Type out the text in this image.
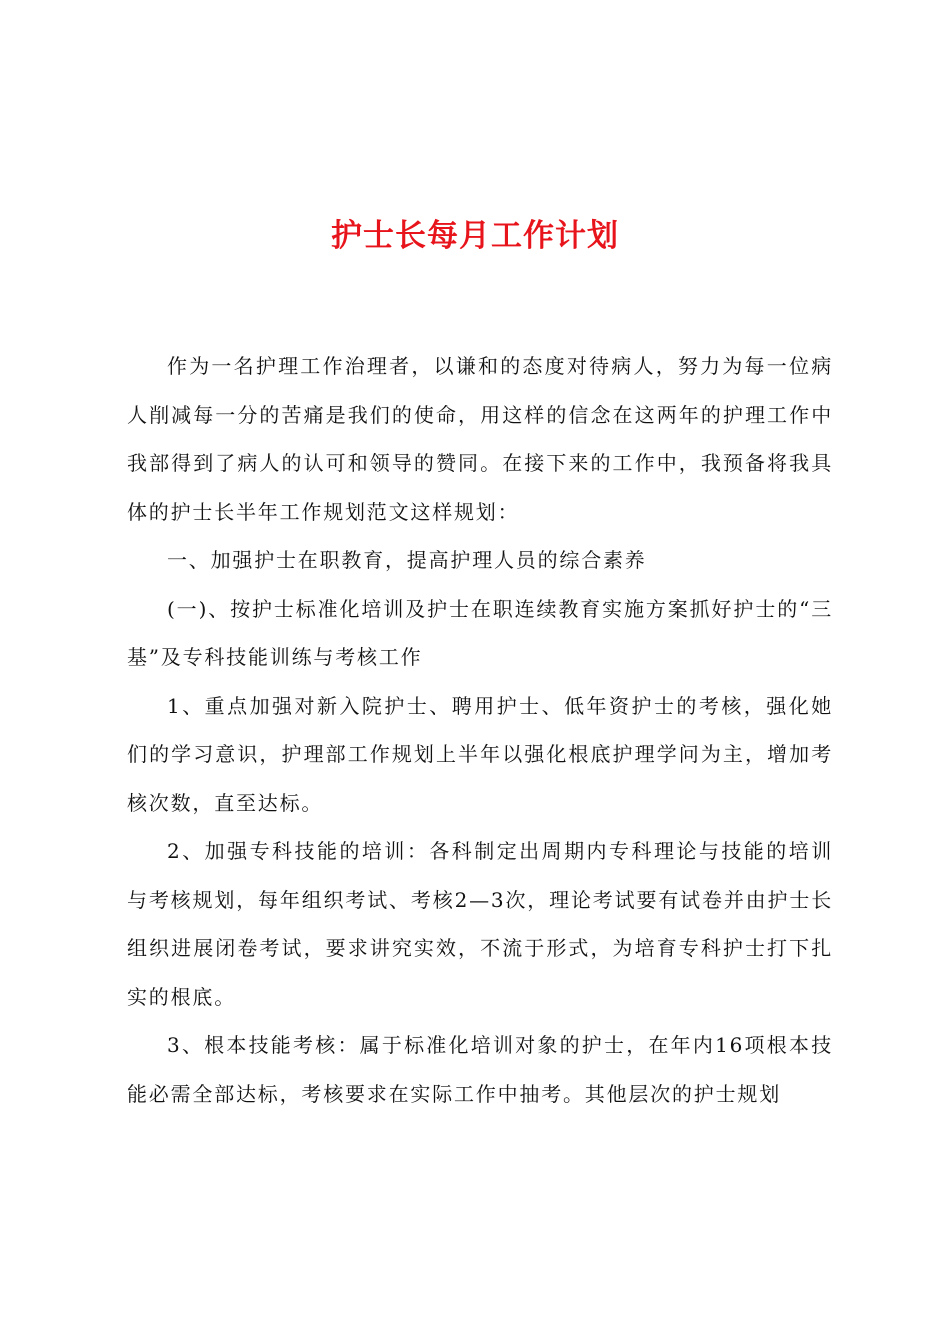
护士长每月工作计划

作为一名护理工作治理者，以谦和的态度对待病人，努力为每一位病人削减每一分的苦痛是我们的使命，用这样的信念在这两年的护理工作中我部得到了病人的认可和领导的赞同。在接下来的工作中，我预备将我具体的护士长半年工作规划范文这样规划：

一、加强护士在职教育，提高护理人员的综合素养

(一)、按护士标准化培训及护士在职连续教育实施方案抓好护士的“三基”及专科技能训练与考核工作

1、重点加强对新入院护士、聘用护士、低年资护士的考核，强化她们的学习意识，护理部工作规划上半年以强化根底护理学问为主，增加考核次数，直至达标。

2、加强专科技能的培训：各科制定出周期内专科理论与技能的培训与考核规划，每年组织考试、考核2—3次，理论考试要有试卷并由护士长组织进展闭卷考试，要求讲究实效，不流于形式，为培育专科护士打下扎实的根底。

3、根本技能考核：属于标准化培训对象的护士，在年内16项根本技能必需全部达标，考核要求在实际工作中抽考。其他层次的护士规划
